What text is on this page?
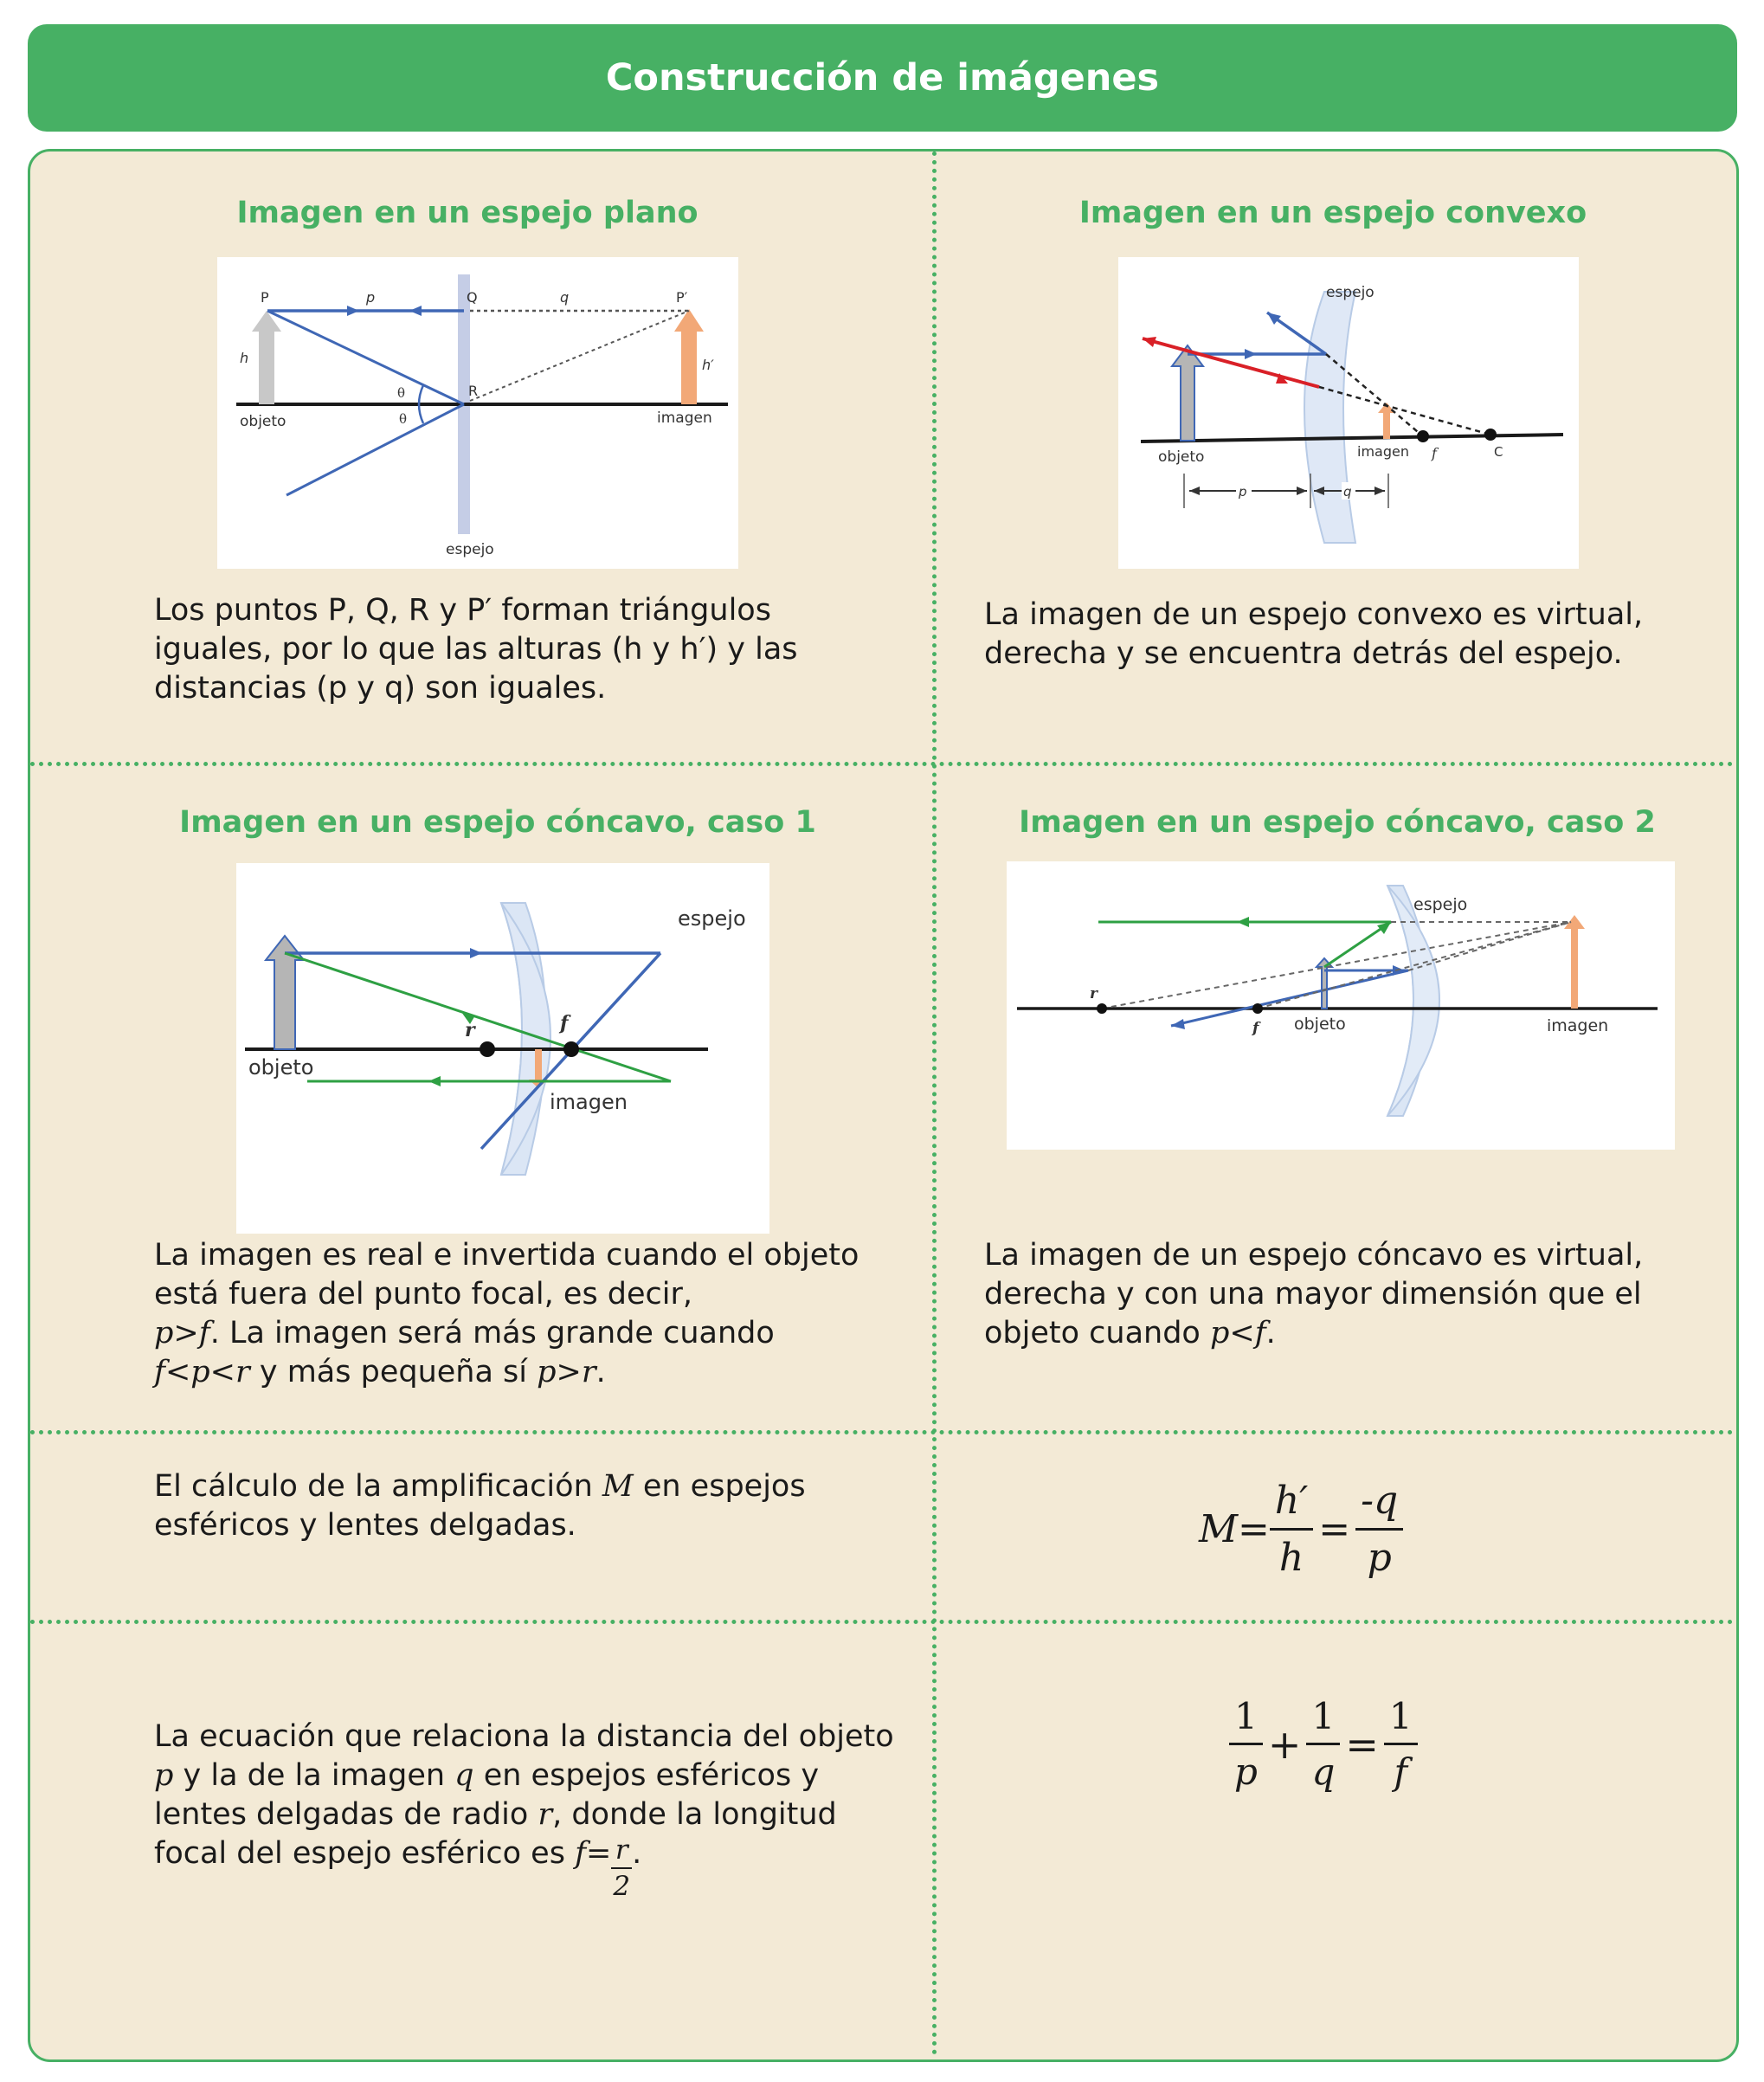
Construcción de imágenes
Imagen en un espejo plano
P	p	Q	q	P′
h	h′
θ
θ
R
objeto	imagen
espejo

Los puntos P, Q, R y P′ forman triángulos iguales, por lo que las alturas (h y h′) y las distancias (p y q) son iguales.

Imagen en un espejo convexo
espejo
objeto	imagen f	C
p	q

La imagen de un espejo convexo es virtual, derecha y se encuentra detrás del espejo.

Imagen en un espejo cóncavo, caso 1
espejo
objeto
imagen
r	f

La imagen es real e invertida cuando el objeto está fuera del punto focal, es decir,
p>f. La imagen será más grande cuando
f<p<r y más pequeña sí p>r.

Imagen en un espejo cóncavo, caso 2
espejo
r
f objeto	imagen

La imagen de un espejo cóncavo es virtual, derecha y con una mayor dimensión que el objeto cuando p<f.

El cálculo de la amplificación M en espejos esféricos y lentes delgadas.	$M= \frac{h'}{h} = \frac{-q}{p}$

La ecuación que relaciona la distancia del objeto p y la de la imagen q en espejos esféricos y lentes delgadas de radio r, donde la longitud focal del espejo esférico es $f= \frac{r}{2}$ .

$\frac{1}{p} + \frac{1}{q} = \frac{1}{f}$
